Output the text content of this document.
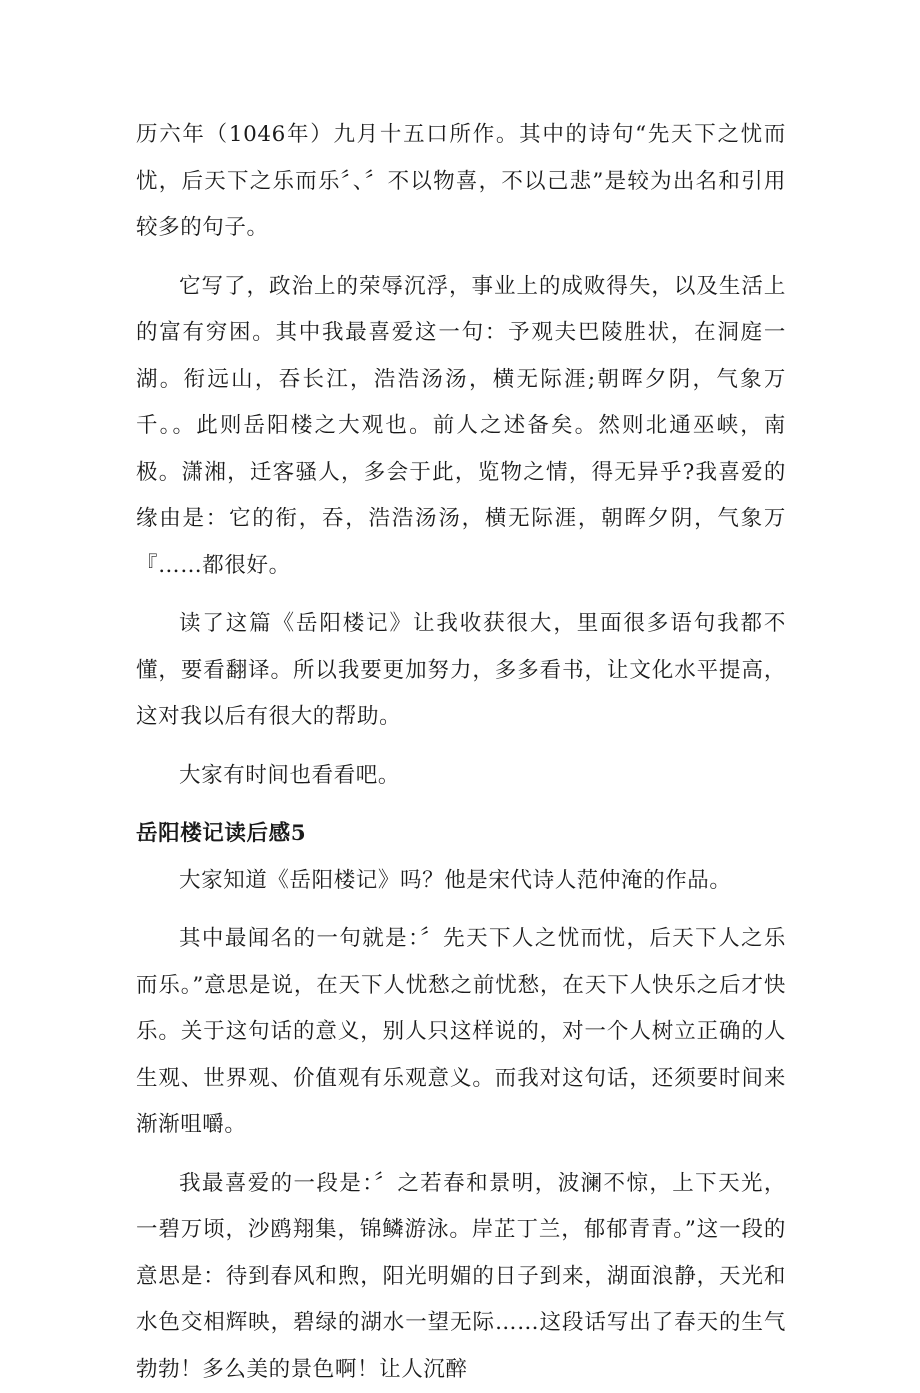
历六年（1046年）九月十五口所作。其中的诗句“先天下之忧而忧，后天下之乐而乐〞、〞不以物喜，不以己悲”是较为出名和引用较多的句子。

它写了，政治上的荣辱沉浮，事业上的成败得失，以及生活上的富有穷困。其中我最喜爱这一句：予观夫巴陵胜状，在洞庭一湖。衔远山，吞长江，浩浩汤汤，横无际涯;朝晖夕阴，气象万千。。此则岳阳楼之大观也。前人之述备矣。然则北通巫峡，南极。潇湘，迁客骚人，多会于此，览物之情，得无异乎?我喜爱的缘由是：它的衔，吞，浩浩汤汤，横无际涯，朝晖夕阴，气象万『……都很好。

读了这篇《岳阳楼记》让我收获很大，里面很多语句我都不懂，要看翻译。所以我要更加努力，多多看书，让文化水平提高，这对我以后有很大的帮助。

大家有时间也看看吧。

岳阳楼记读后感5

大家知道《岳阳楼记》吗？他是宋代诗人范仲淹的作品。

其中最闻名的一句就是：〞先天下人之忧而忧，后天下人之乐而乐。”意思是说，在天下人忧愁之前忧愁，在天下人快乐之后才快乐。关于这句话的意义，别人只这样说的，对一个人树立正确的人生观、世界观、价值观有乐观意义。而我对这句话，还须要时间来渐渐咀嚼。

我最喜爱的一段是：〞之若春和景明，波澜不惊，上下天光，一碧万顷，沙鸥翔集，锦鳞游泳。岸芷丁兰，郁郁青青。”这一段的意思是：待到春风和煦，阳光明媚的日子到来，湖面浪静，天光和水色交相辉映，碧绿的湖水一望无际……这段话写出了春天的生气勃勃！多么美的景色啊！让人沉醉
